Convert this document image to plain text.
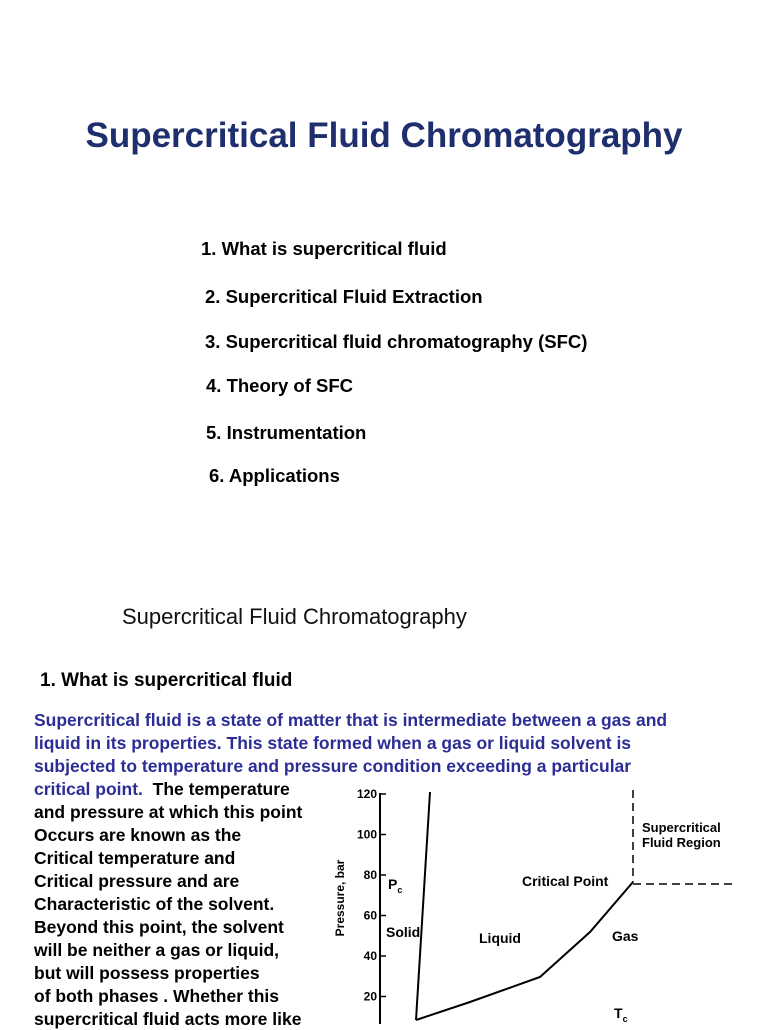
Supercritical Fluid Chromatography
1. What is supercritical fluid
2. Supercritical Fluid Extraction
3. Supercritical fluid chromatography (SFC)
4. Theory of SFC
5. Instrumentation
6. Applications
Supercritical Fluid Chromatography
1. What is supercritical fluid
Supercritical fluid is a state of matter that is intermediate between a gas and
liquid in its properties. This state formed when a gas or liquid solvent is
subjected to temperature and pressure condition exceeding a particular
critical point. The temperature
and pressure at which this point
Occurs are known as the
Critical temperature and
Critical pressure and are
Characteristic of the solvent.
Beyond this point, the solvent
will be neither a gas or liquid,
but will possess properties
of both phases . Whether this
supercritical fluid acts more like
Pressure, bar
120
100
80
60
40
20
$P_c$
Supercritical
Fluid Region
Critical Point
Solid	Liquid	Gas
$T_c$
